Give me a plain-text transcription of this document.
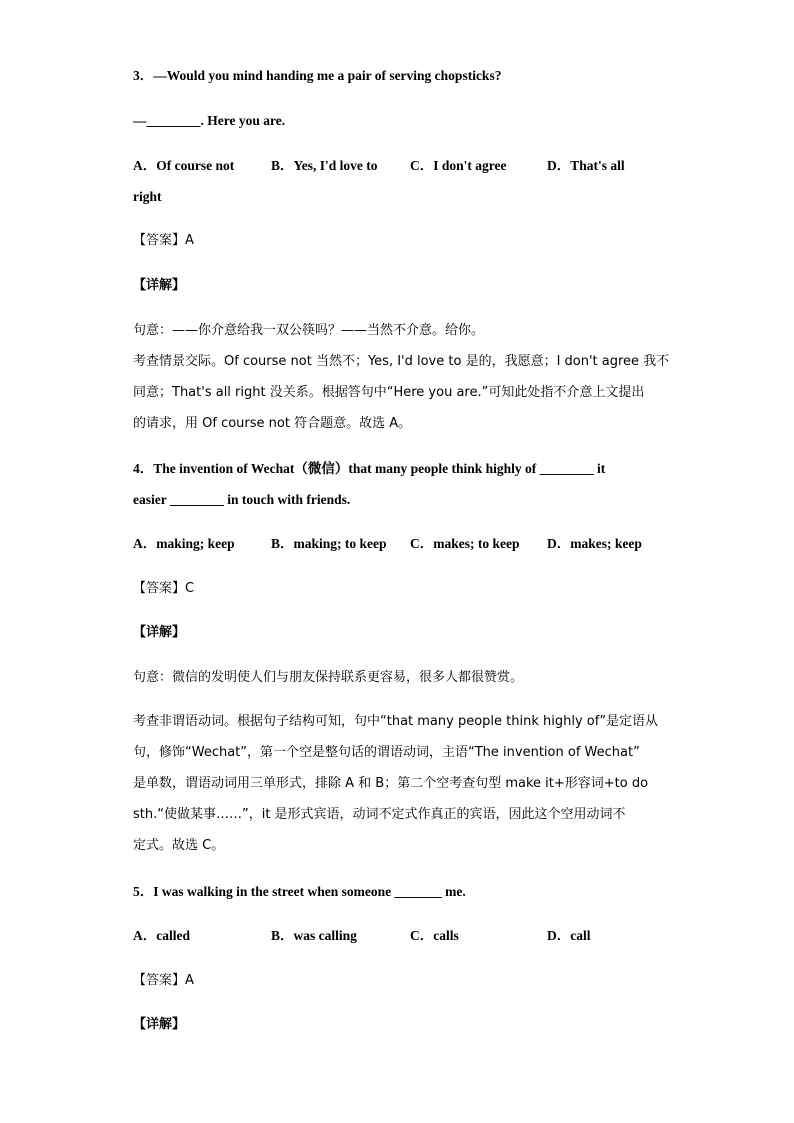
3．—Would you mind handing me a pair of serving chopsticks?
—________. Here you are.
A．Of course not	B．Yes, I'd love to C．I don't agree	D．That's all
right
【答案】A
【详解】
句意：——你介意给我一双公筷吗？——当然不介意。给你。
考查情景交际。Of course not 当然不；Yes, I'd love to 是的，我愿意；I don't agree 我不
同意；That's all right 没关系。根据答句中“Here you are.”可知此处指不介意上文提出
的请求，用 Of course not 符合题意。故选 A。
4．The invention of Wechat（微信）that many people think highly of ________ it
easier ________ in touch with friends.
A．making; keep	B．making; to keep C．makes; to keep D．makes; keep
【答案】C
【详解】
句意：微信的发明使人们与朋友保持联系更容易，很多人都很赞赏。
考查非谓语动词。根据句子结构可知，句中“that many people think highly of”是定语从
句，修饰“Wechat”，第一个空是整句话的谓语动词，主语“The invention of Wechat”
是单数，谓语动词用三单形式，排除 A 和 B；第二个空考查句型 make it+形容词+to do
sth.“使做某事……”，it 是形式宾语，动词不定式作真正的宾语，因此这个空用动词不
定式。故选 C。
5．I was walking in the street when someone _______ me.
A．called	B．was calling	C．calls	D．call
【答案】A
【详解】
